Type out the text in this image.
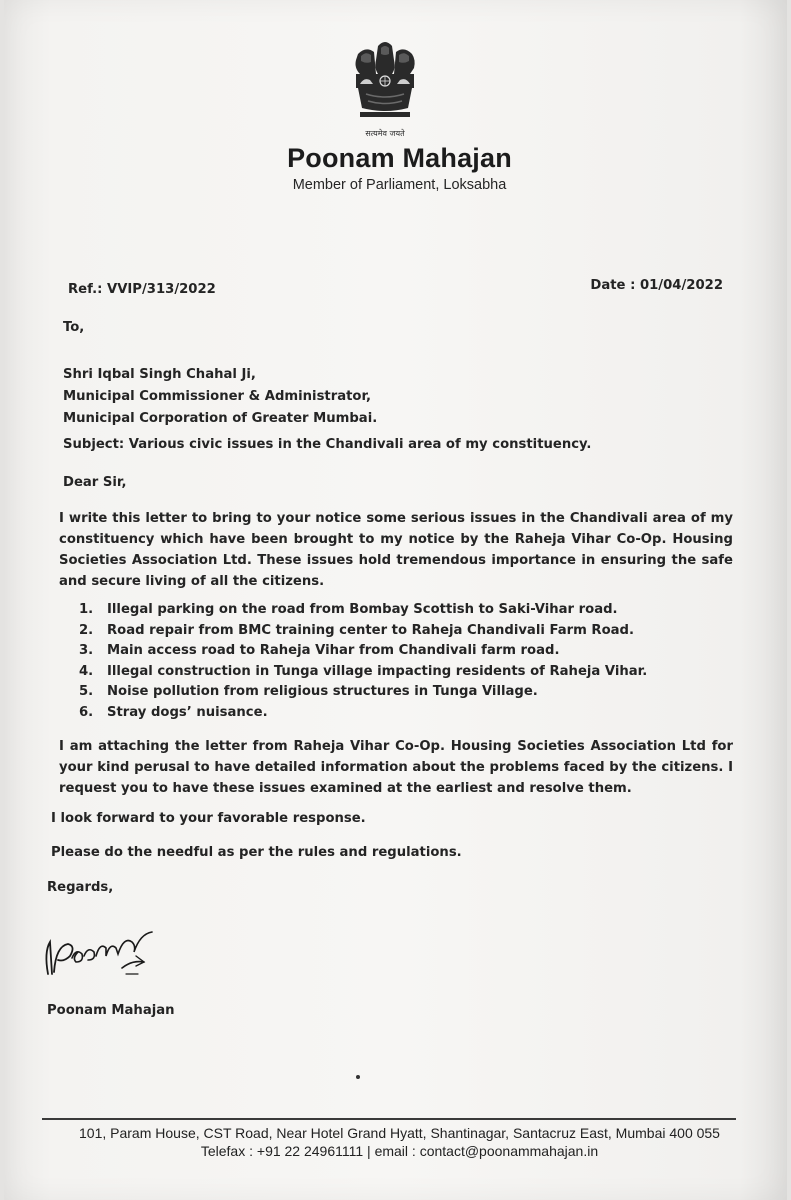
सत्यमेव जयते
Poonam Mahajan
Member of Parliament, Loksabha
Ref.: VVIP/313/2022	Date : 01/04/2022
To,
Shri Iqbal Singh Chahal Ji,
Municipal Commissioner & Administrator,
Municipal Corporation of Greater Mumbai.
Subject: Various civic issues in the Chandivali area of my constituency.
Dear Sir,
I write this letter to bring to your notice some serious issues in the Chandivali area of my constituency which have been brought to my notice by the Raheja Vihar Co-Op. Housing Societies Association Ltd. These issues hold tremendous importance in ensuring the safe and secure living of all the citizens.
1. Illegal parking on the road from Bombay Scottish to Saki-Vihar road.
2. Road repair from BMC training center to Raheja Chandivali Farm Road.
3. Main access road to Raheja Vihar from Chandivali farm road.
4. Illegal construction in Tunga village impacting residents of Raheja Vihar.
5. Noise pollution from religious structures in Tunga Village.
6. Stray dogs’ nuisance.
I am attaching the letter from Raheja Vihar Co-Op. Housing Societies Association Ltd for your kind perusal to have detailed information about the problems faced by the citizens. I request you to have these issues examined at the earliest and resolve them.
I look forward to your favorable response.
Please do the needful as per the rules and regulations.
Regards,
Poonam Mahajan
101, Param House, CST Road, Near Hotel Grand Hyatt, Shantinagar, Santacruz East, Mumbai 400 055
Telefax : +91 22 24961111 | email : contact@poonammahajan.in
